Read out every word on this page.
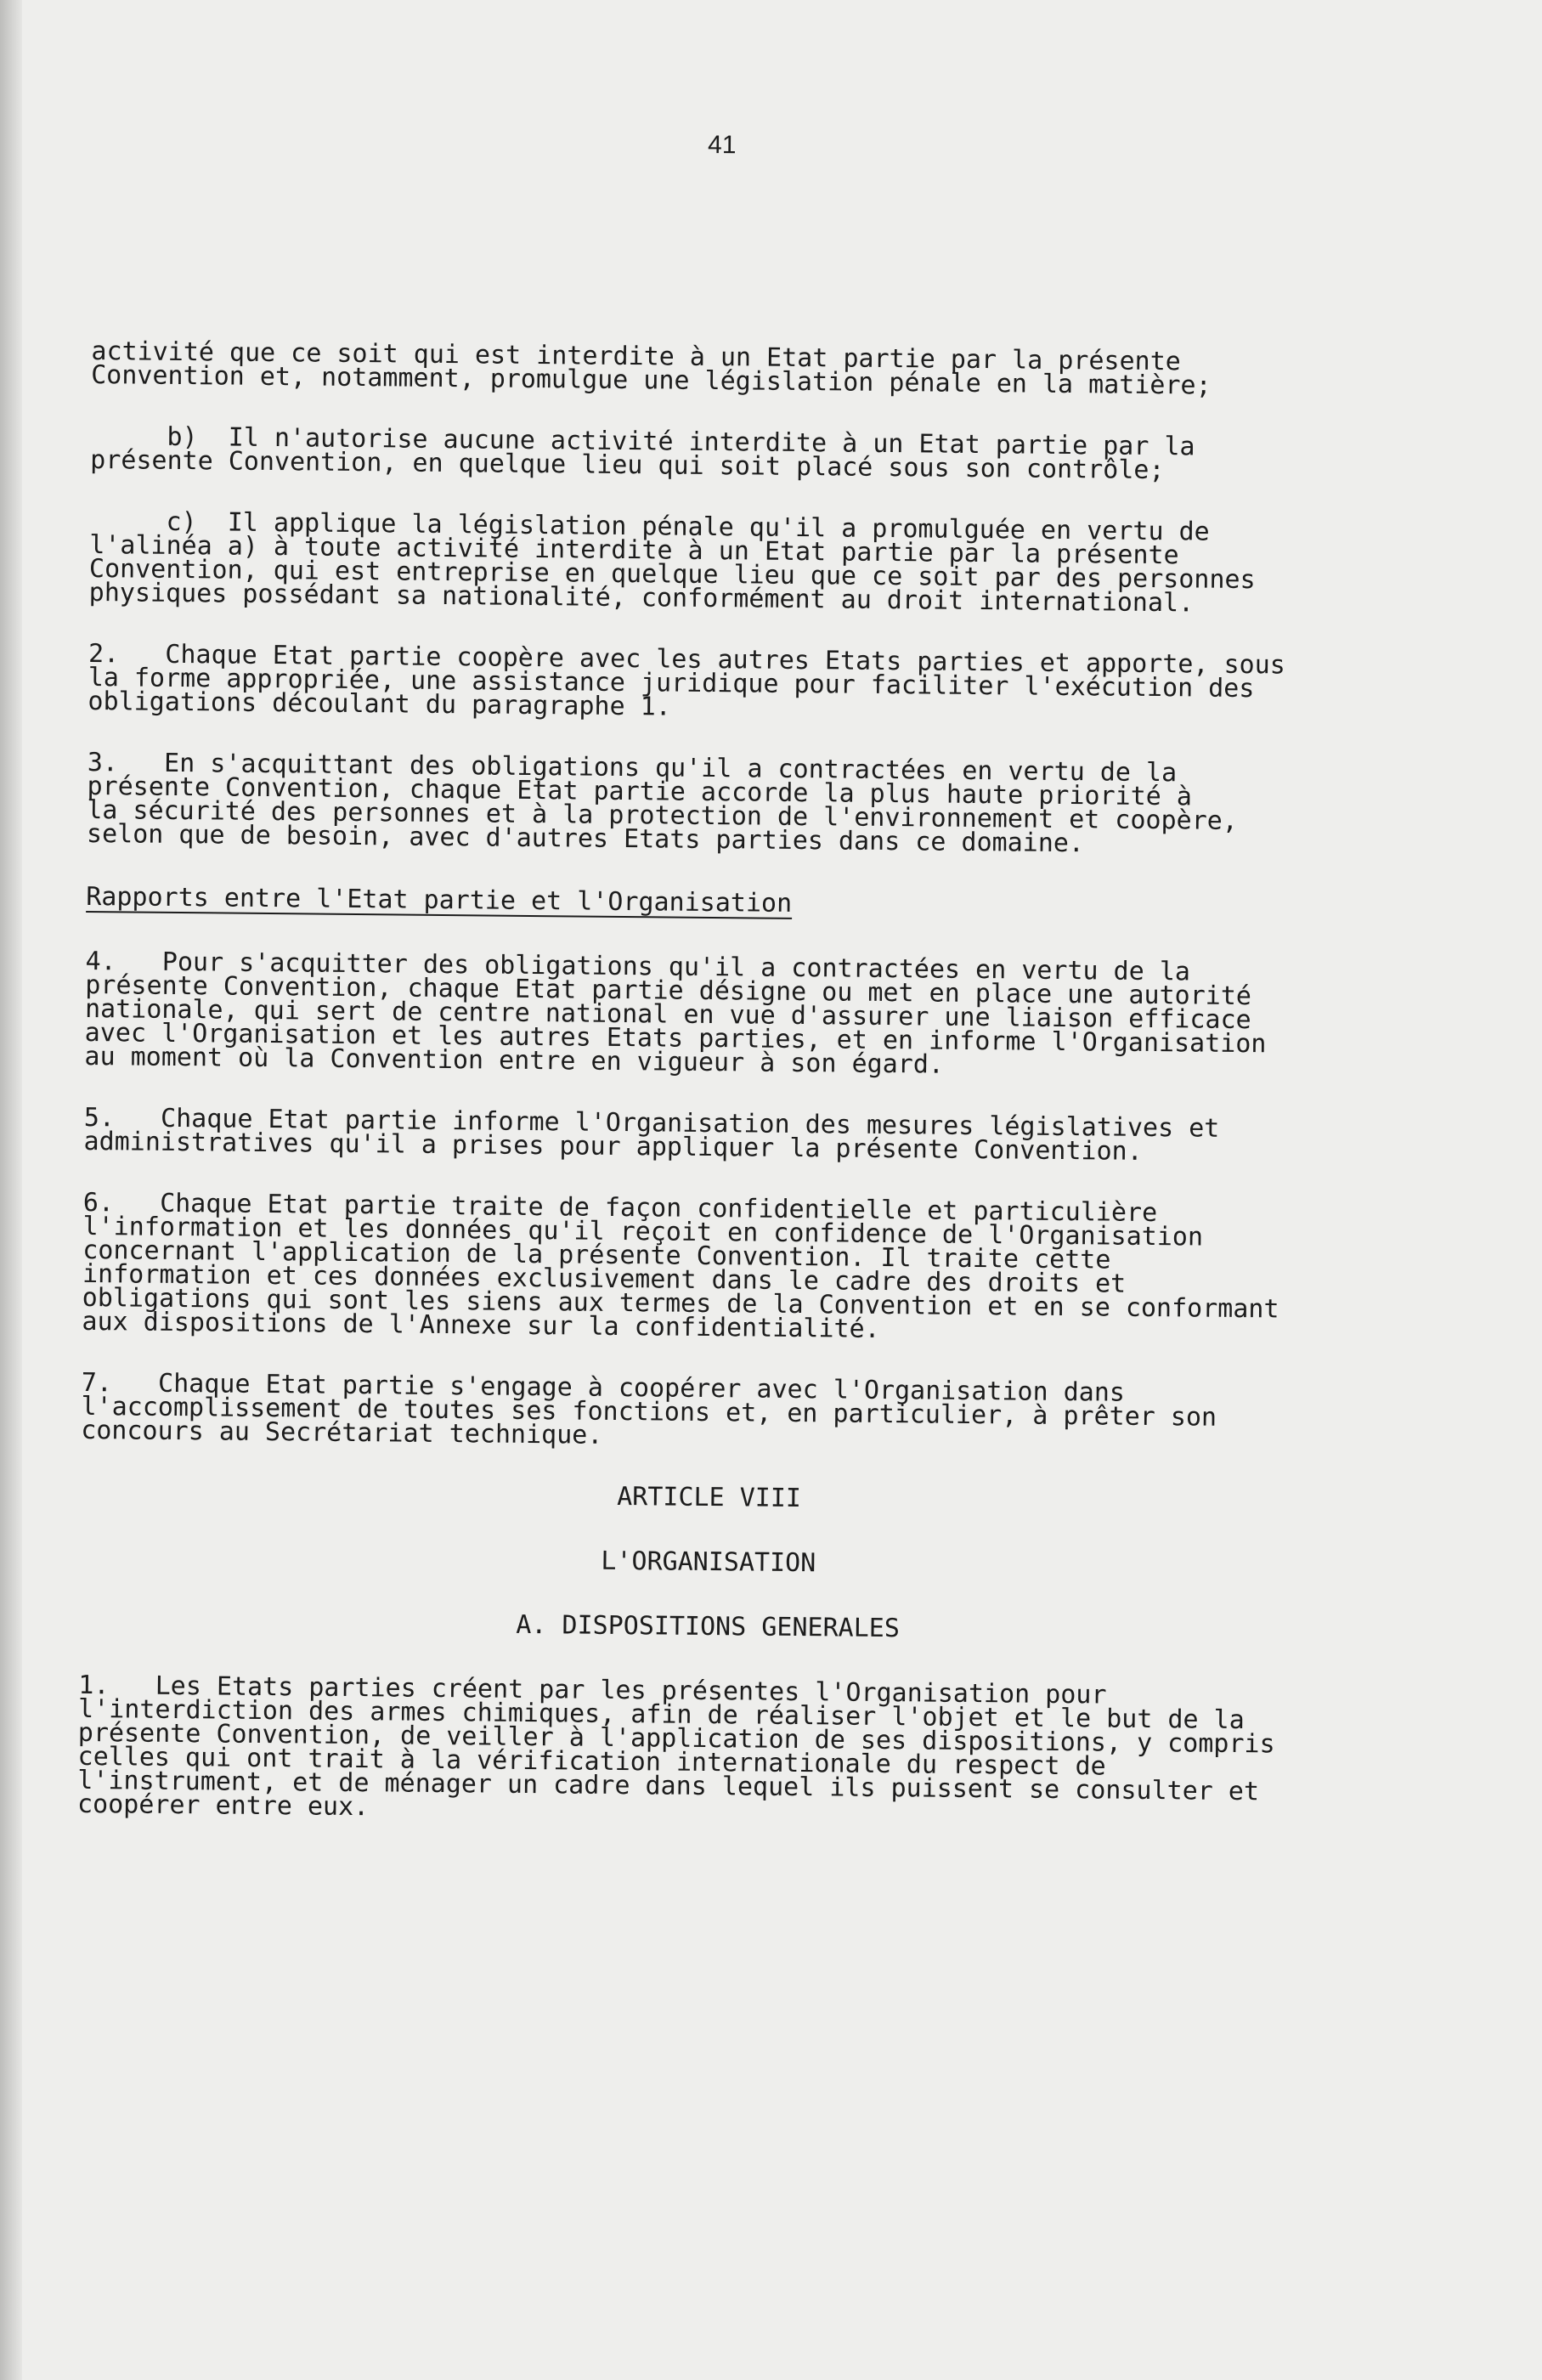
41

activité que ce soit qui est interdite à un Etat partie par la présente
Convention et, notamment, promulgue une législation pénale en la matière;

b)  Il n'autorise aucune activité interdite à un Etat partie par la
présente Convention, en quelque lieu qui soit placé sous son contrôle;

c)  Il applique la législation pénale qu'il a promulguée en vertu de
l'alinéa a) à toute activité interdite à un Etat partie par la présente
Convention, qui est entreprise en quelque lieu que ce soit par des personnes
physiques possédant sa nationalité, conformément au droit international.

2.   Chaque Etat partie coopère avec les autres Etats parties et apporte, sous
la forme appropriée, une assistance juridique pour faciliter l'exécution des
obligations découlant du paragraphe 1.

3.   En s'acquittant des obligations qu'il a contractées en vertu de la
présente Convention, chaque Etat partie accorde la plus haute priorité à
la sécurité des personnes et à la protection de l'environnement et coopère,
selon que de besoin, avec d'autres Etats parties dans ce domaine.

Rapports entre l'Etat partie et l'Organisation

4.   Pour s'acquitter des obligations qu'il a contractées en vertu de la
présente Convention, chaque Etat partie désigne ou met en place une autorité
nationale, qui sert de centre national en vue d'assurer une liaison efficace
avec l'Organisation et les autres Etats parties, et en informe l'Organisation
au moment où la Convention entre en vigueur à son égard.

5.   Chaque Etat partie informe l'Organisation des mesures législatives et
administratives qu'il a prises pour appliquer la présente Convention.

6.   Chaque Etat partie traite de façon confidentielle et particulière
l'information et les données qu'il reçoit en confidence de l'Organisation
concernant l'application de la présente Convention. Il traite cette
information et ces données exclusivement dans le cadre des droits et
obligations qui sont les siens aux termes de la Convention et en se conformant
aux dispositions de l'Annexe sur la confidentialité.

7.   Chaque Etat partie s'engage à coopérer avec l'Organisation dans
l'accomplissement de toutes ses fonctions et, en particulier, à prêter son
concours au Secrétariat technique.

ARTICLE VIII
L'ORGANISATION
A. DISPOSITIONS GENERALES

1.   Les Etats parties créent par les présentes l'Organisation pour
l'interdiction des armes chimiques, afin de réaliser l'objet et le but de la
présente Convention, de veiller à l'application de ses dispositions, y compris
celles qui ont trait à la vérification internationale du respect de
l'instrument, et de ménager un cadre dans lequel ils puissent se consulter et
coopérer entre eux.
